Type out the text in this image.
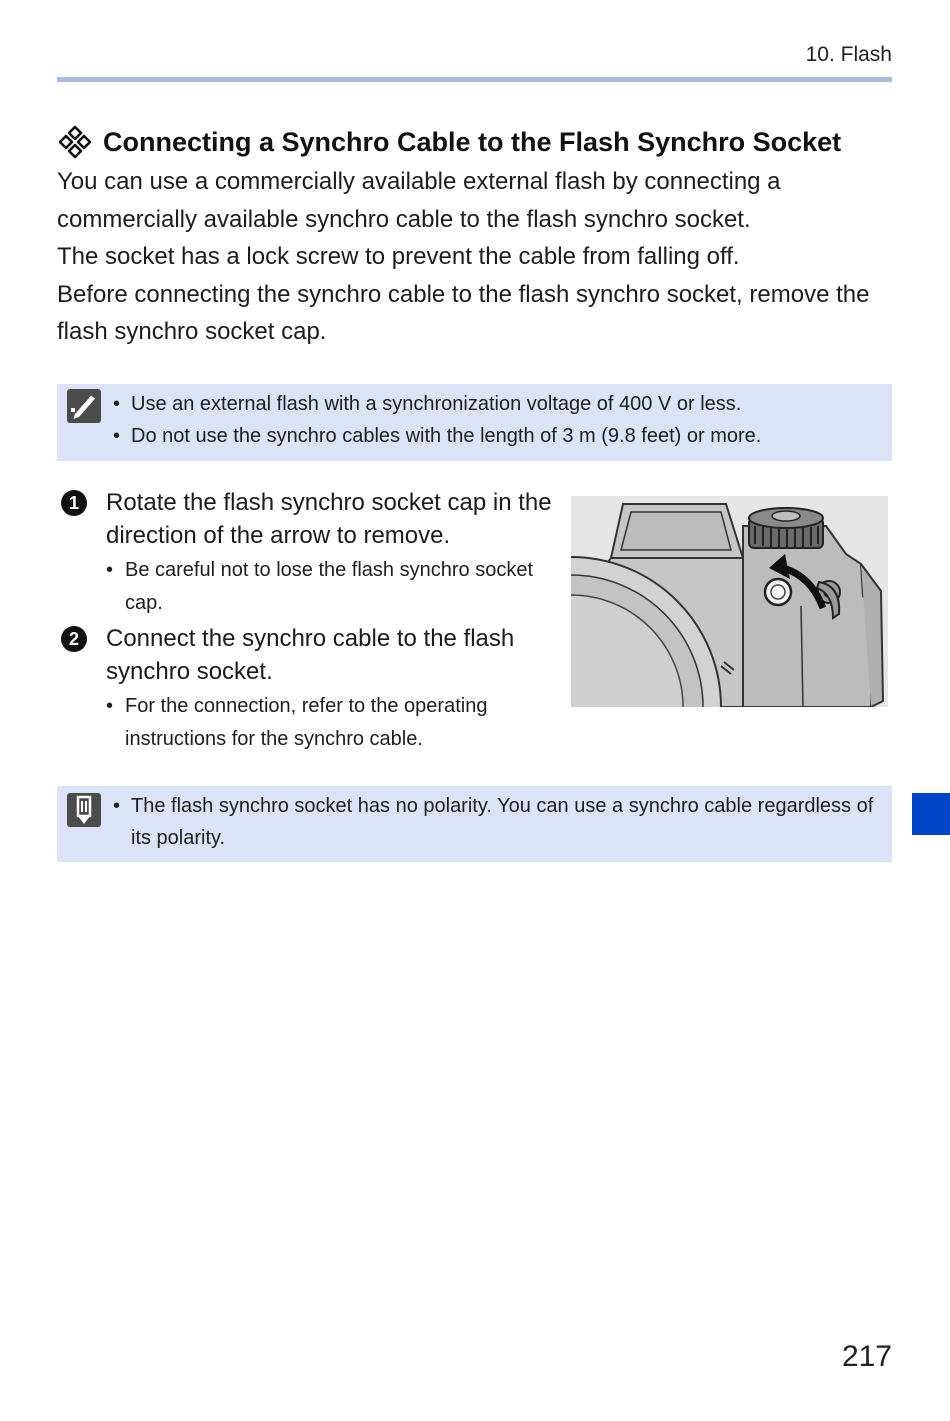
10. Flash
Connecting a Synchro Cable to the Flash Synchro Socket

You can use a commercially available external flash by connecting a commercially available synchro cable to the flash synchro socket.

The socket has a lock screw to prevent the cable from falling off.

Before connecting the synchro cable to the flash synchro socket, remove the flash synchro socket cap.

• Use an external flash with a synchronization voltage of 400 V or less.
• Do not use the synchro cables with the length of 3 m (9.8 feet) or more.
1	Rotate the flash synchro socket cap in the direction of the arrow to remove.
• Be careful not to lose the flash synchro socket cap.
2	Connect the synchro cable to the flash synchro socket.
• For the connection, refer to the operating instructions for the synchro cable.
• The flash synchro socket has no polarity. You can use a synchro cable regardless of its polarity.
217
